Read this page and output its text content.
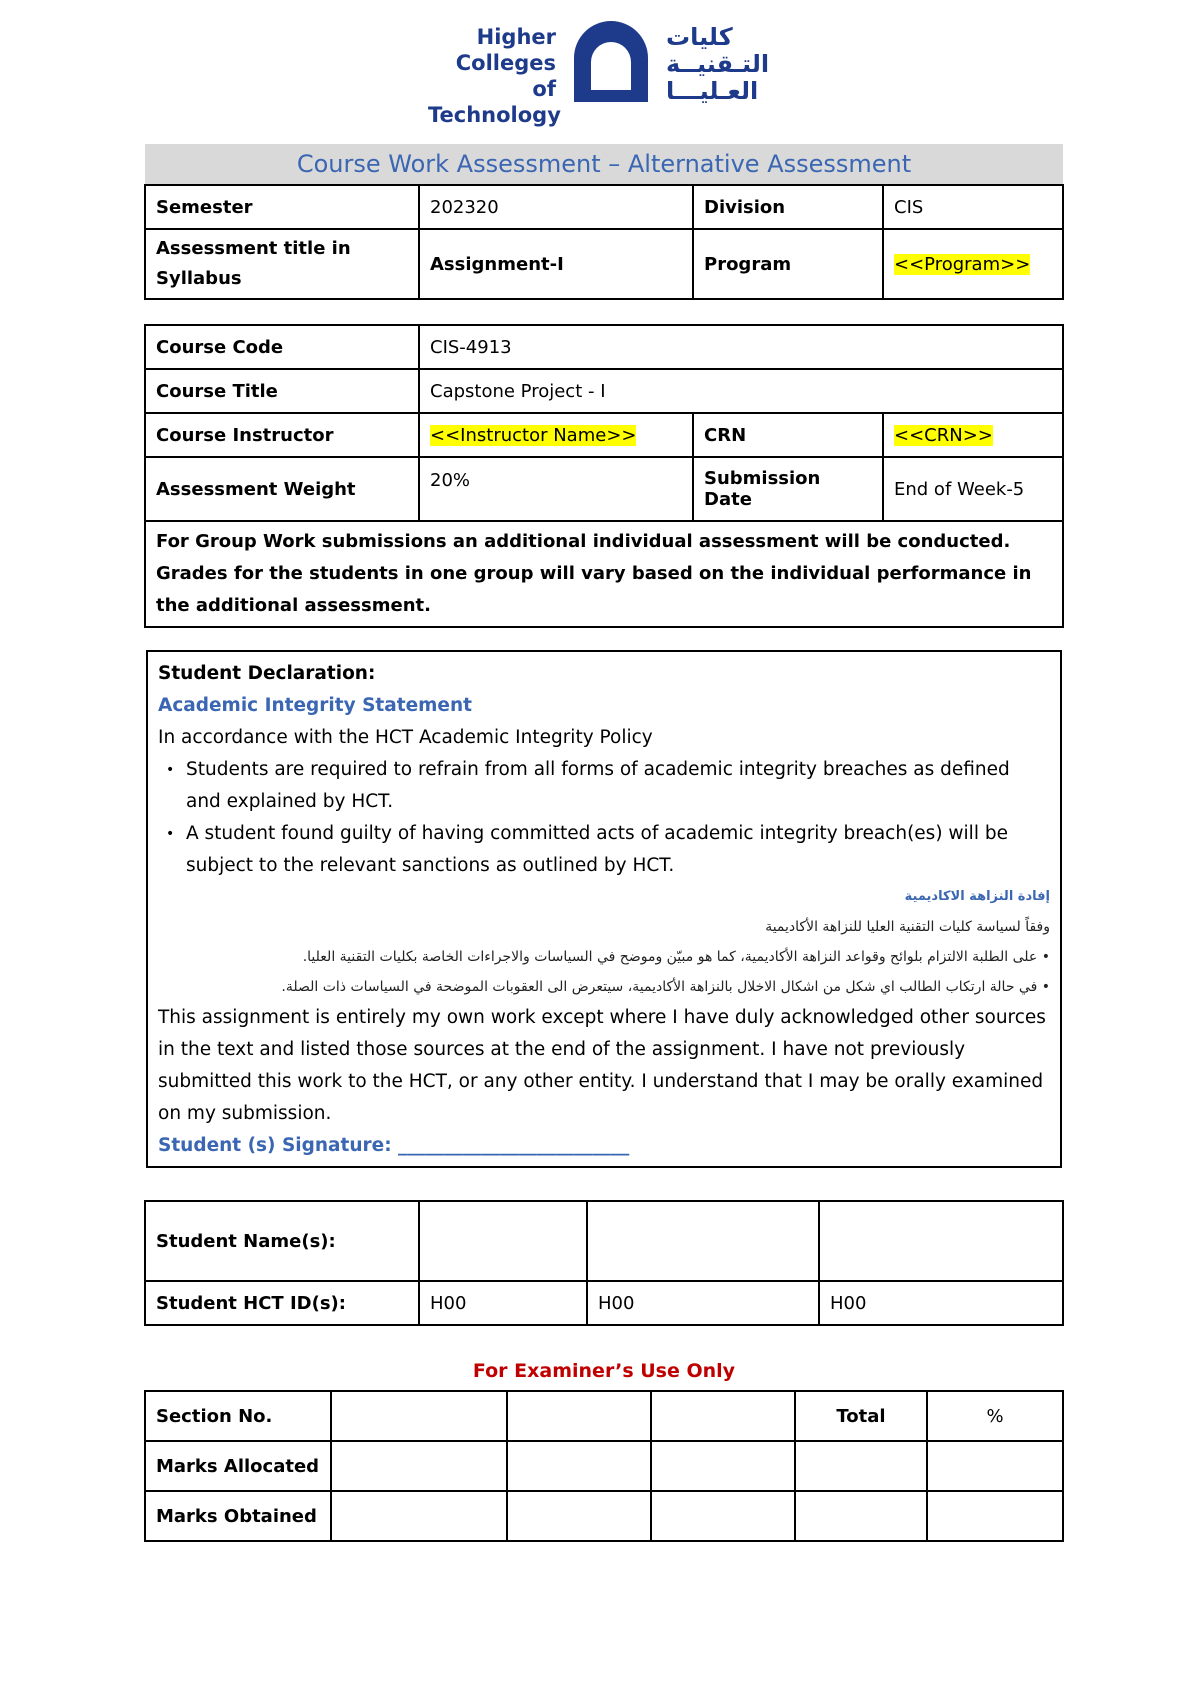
Higher
Colleges of
Technology
كليات
التـقنيــة
العـليـــا
Course Work Assessment – Alternative Assessment			
Semester	202320	Division	CIS
Assessment title in Syllabus	Assignment-I	Program	<<Program>>
Course Code	CIS-4913		
Course Title	Capstone Project - I		
Course Instructor	<<Instructor Name>>	CRN	<<CRN>>
Assessment Weight	20%	Submission Date	End of Week-5
For Group Work submissions an additional individual assessment will be conducted. Grades for the students in one group will vary based on the individual performance in the additional assessment.			
Student Declaration:
Academic Integrity Statement
In accordance with the HCT Academic Integrity Policy
• Students are required to refrain from all forms of academic integrity breaches as defined and explained by HCT.
• A student found guilty of having committed acts of academic integrity breach(es) will be subject to the relevant sanctions as outlined by HCT.
إفادة النزاهة الاكاديمية
وفقاً لسياسة كليات التقنية العليا للنزاهة الأكاديمية
• على الطلبة الالتزام بلوائح وقواعد النزاهة الأكاديمية، كما هو مبيّن وموضح في السياسات والاجراءات الخاصة بكليات التقنية العليا.
• في حالة ارتكاب الطالب اي شكل من اشكال الاخلال بالنزاهة الأكاديمية، سيتعرض الى العقوبات الموضحة في السياسات ذات الصلة.
This assignment is entirely my own work except where I have duly acknowledged other sources in the text and listed those sources at the end of the assignment. I have not previously submitted this work to the HCT, or any other entity. I understand that I may be orally examined on my submission.
Student (s) Signature: _________________________
Student Name(s):			
Student HCT ID(s):	H00	H00	H00
For Examiner’s Use Only
Section No.				Total	%
Marks Allocated					
Marks Obtained					
